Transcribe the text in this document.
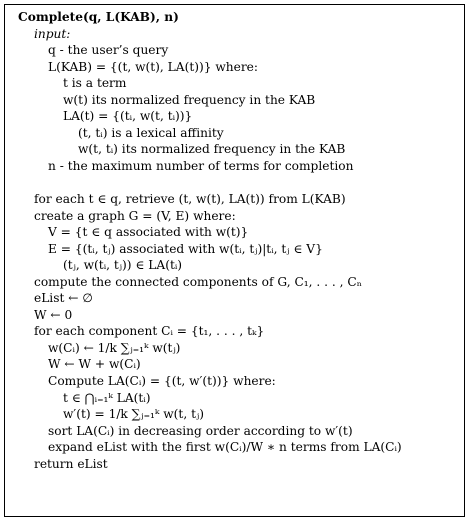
Complete(q, L(KAB), n)
input:
q - the user’s query
L(KAB) = {(t, w(t), LA(t))} where:
t is a term
w(t) its normalized frequency in the KAB
LA(t) = {(tᵢ, w(t, tᵢ))}
(t, tᵢ) is a lexical affinity
w(t, tᵢ) its normalized frequency in the KAB
n - the maximum number of terms for completion
for each t ∈ q, retrieve (t, w(t), LA(t)) from L(KAB)
create a graph G = (V, E) where:
V = {t ∈ q associated with w(t)}
E = {(tᵢ, tⱼ) associated with w(tᵢ, tⱼ)|tᵢ, tⱼ ∈ V}
(tⱼ, w(tᵢ, tⱼ)) ∈ LA(tᵢ)
compute the connected components of G, C₁, . . . , Cₙ
eList ← ∅
W ← 0
for each component Cᵢ = {t₁, . . . , tₖ}
w(Cᵢ) ← 1/k ∑ⱼ₌₁ᵏ w(tⱼ)
W ← W + w(Cᵢ)
Compute LA(Cᵢ) = {(t, w′(t))} where:
t ∈ ⋂ᵢ₌₁ᵏ LA(tᵢ)
w′(t) = 1/k ∑ⱼ₌₁ᵏ w(t, tⱼ)
sort LA(Cᵢ) in decreasing order according to w′(t)
expand eList with the first w(Cᵢ)/W ∗ n terms from LA(Cᵢ)
return eList
